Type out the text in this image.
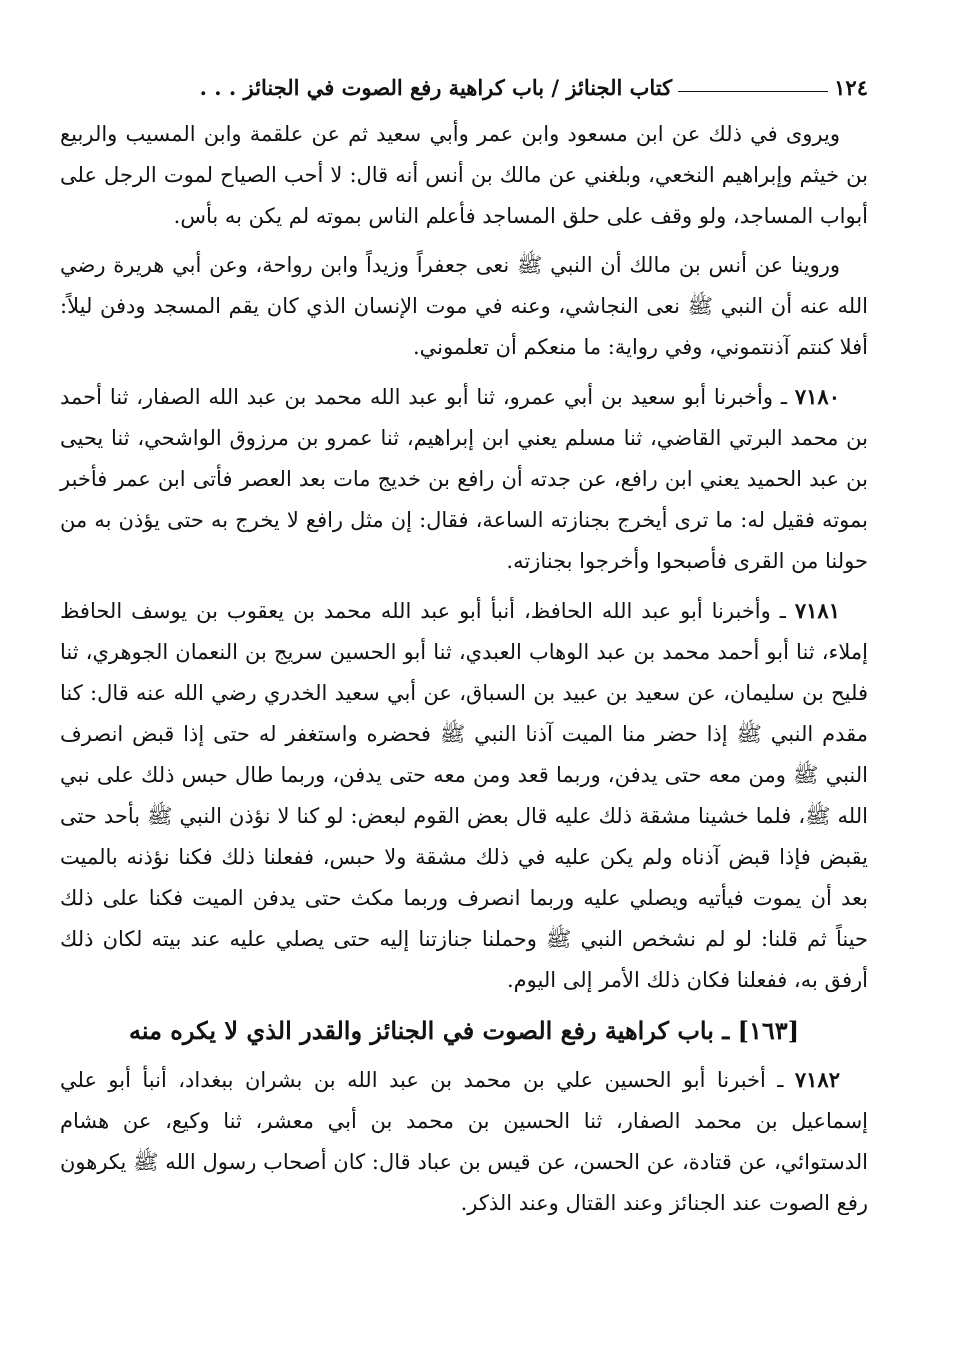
١٢٤
كتاب الجنائز / باب كراهية رفع الصوت في الجنائز . . .

ويروى في ذلك عن ابن مسعود وابن عمر وأبي سعيد ثم عن علقمة وابن المسيب والربيع بن خيثم وإبراهيم النخعي، وبلغني عن مالك بن أنس أنه قال: لا أحب الصياح لموت الرجل على أبواب المساجد، ولو وقف على حلق المساجد فأعلم الناس بموته لم يكن به بأس.

وروينا عن أنس بن مالك أن النبي ﷺ نعى جعفراً وزيداً وابن رواحة، وعن أبي هريرة رضي الله عنه أن النبي ﷺ نعى النجاشي، وعنه في موت الإنسان الذي كان يقم المسجد ودفن ليلاً: أفلا كنتم آذنتموني، وفي رواية: ما منعكم أن تعلموني.

٧١٨٠ ـ وأخبرنا أبو سعيد بن أبي عمرو، ثنا أبو عبد الله محمد بن عبد الله الصفار، ثنا أحمد بن محمد البرتي القاضي، ثنا مسلم يعني ابن إبراهيم، ثنا عمرو بن مرزوق الواشحي، ثنا يحيى بن عبد الحميد يعني ابن رافع، عن جدته أن رافع بن خديج مات بعد العصر فأتى ابن عمر فأخبر بموته فقيل له: ما ترى أيخرج بجنازته الساعة، فقال: إن مثل رافع لا يخرج به حتى يؤذن به من حولنا من القرى فأصبحوا وأخرجوا بجنازته.

٧١٨١ ـ وأخبرنا أبو عبد الله الحافظ، أنبأ أبو عبد الله محمد بن يعقوب بن يوسف الحافظ إملاء، ثنا أبو أحمد محمد بن عبد الوهاب العبدي، ثنا أبو الحسين سريج بن النعمان الجوهري، ثنا فليح بن سليمان، عن سعيد بن عبيد بن السباق، عن أبي سعيد الخدري رضي الله عنه قال: كنا مقدم النبي ﷺ إذا حضر منا الميت آذنا النبي ﷺ فحضره واستغفر له حتى إذا قبض انصرف النبي ﷺ ومن معه حتى يدفن، وربما قعد ومن معه حتى يدفن، وربما طال حبس ذلك على نبي الله ﷺ، فلما خشينا مشقة ذلك عليه قال بعض القوم لبعض: لو كنا لا نؤذن النبي ﷺ بأحد حتى يقبض فإذا قبض آذناه ولم يكن عليه في ذلك مشقة ولا حبس، ففعلنا ذلك فكنا نؤذنه بالميت بعد أن يموت فيأتيه ويصلي عليه وربما انصرف وربما مكث حتى يدفن الميت فكنا على ذلك حيناً ثم قلنا: لو لم نشخص النبي ﷺ وحملنا جنازتنا إليه حتى يصلي عليه عند بيته لكان ذلك أرفق به، ففعلنا فكان ذلك الأمر إلى اليوم.

[١٦٣] ـ باب كراهية رفع الصوت في الجنائز والقدر الذي لا يكره منه

٧١٨٢ ـ أخبرنا أبو الحسين علي بن محمد بن عبد الله بن بشران ببغداد، أنبأ أبو علي إسماعيل بن محمد الصفار، ثنا الحسين بن محمد بن أبي معشر، ثنا وكيع، عن هشام الدستوائي، عن قتادة، عن الحسن، عن قيس بن عباد قال: كان أصحاب رسول الله ﷺ يكرهون رفع الصوت عند الجنائز وعند القتال وعند الذكر.
